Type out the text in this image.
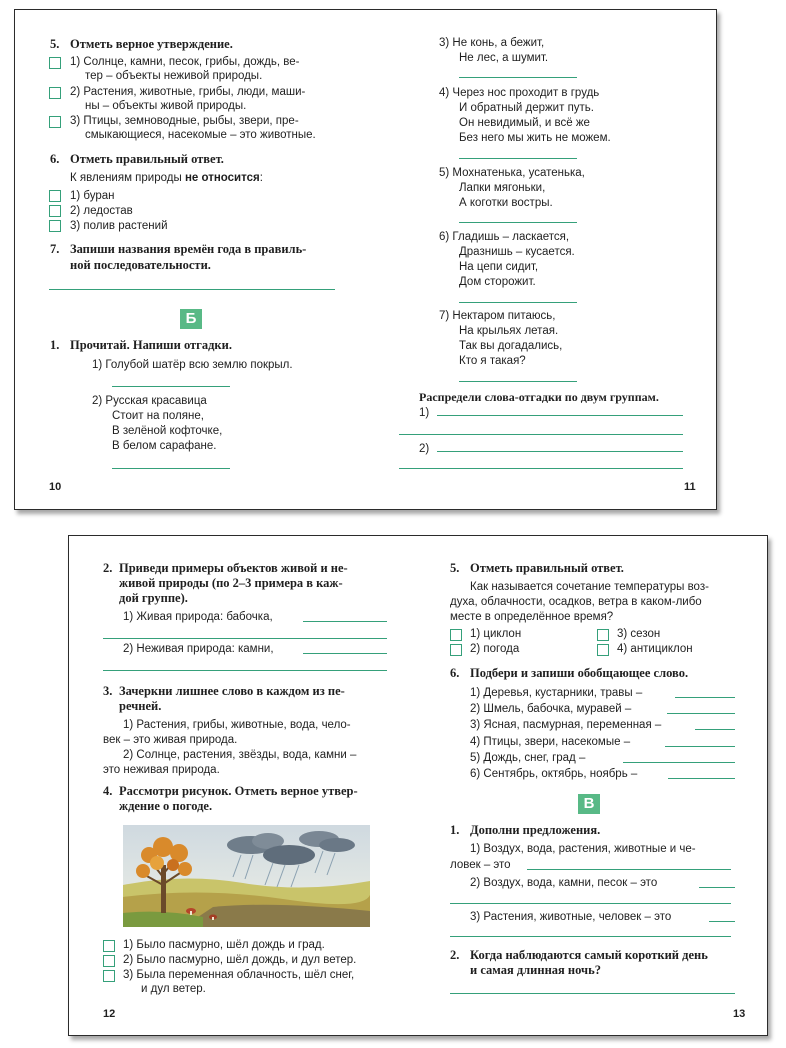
5. Отметь верное утверждение.
1) Солнце, камни, песок, грибы, дождь, ве-
тер – объекты неживой природы.
2) Растения, животные, грибы, люди, маши-
ны – объекты живой природы.
3) Птицы, земноводные, рыбы, звери, пре-
смыкающиеся, насекомые – это животные.
6. Отметь правильный ответ.
К явлениям природы не относится:
1) буран
2) ледостав
3) полив растений
7. Запиши названия времён года в правиль-
ной последовательности.
Б
1. Прочитай. Напиши отгадки.
1) Голубой шатёр всю землю покрыл.
2) Русская красавица
Стоит на поляне,
В зелёной кофточке,
В белом сарафане.
10
3) Не конь, а бежит,
Не лес, а шумит.
4) Через нос проходит в грудь
И обратный держит путь.
Он невидимый, и всё же
Без него мы жить не можем.
5) Мохнатенька, усатенька,
Лапки мягоньки,
А коготки востры.
6) Гладишь – ласкается,
Дразнишь – кусается.
На цепи сидит,
Дом сторожит.
7) Нектаром питаюсь,
На крыльях летая.
Так вы догадались,
Кто я такая?
Распредели слова-отгадки по двум группам.
1)
2)
11
2. Приведи примеры объектов живой и не-
живой природы (по 2–3 примера в каж-
дой группе).
1) Живая природа: бабочка,
2) Неживая природа: камни,
3. Зачеркни лишнее слово в каждом из пе-
речней.
1) Растения, грибы, животные, вода, чело-
век – это живая природа.
2) Солнце, растения, звёзды, вода, камни –
это неживая природа.
4. Рассмотри рисунок. Отметь верное утвер-
ждение о погоде.
1) Было пасмурно, шёл дождь и град.
2) Было пасмурно, шёл дождь, и дул ветер.
3) Была переменная облачность, шёл снег,
и дул ветер.
12
5. Отметь правильный ответ.
Как называется сочетание температуры воз-
духа, облачности, осадков, ветра в каком-либо
месте в определённое время?
1) циклон
2) погода
3) сезон
4) антициклон
6. Подбери и запиши обобщающее слово.
1) Деревья, кустарники, травы –
2) Шмель, бабочка, муравей –
3) Ясная, пасмурная, переменная –
4) Птицы, звери, насекомые –
5) Дождь, снег, град –
6) Сентябрь, октябрь, ноябрь –
В
1. Дополни предложения.
1) Воздух, вода, растения, животные и че-
ловек – это
2) Воздух, вода, камни, песок – это
3) Растения, животные, человек – это
2. Когда наблюдаются самый короткий день
и самая длинная ночь?
13
